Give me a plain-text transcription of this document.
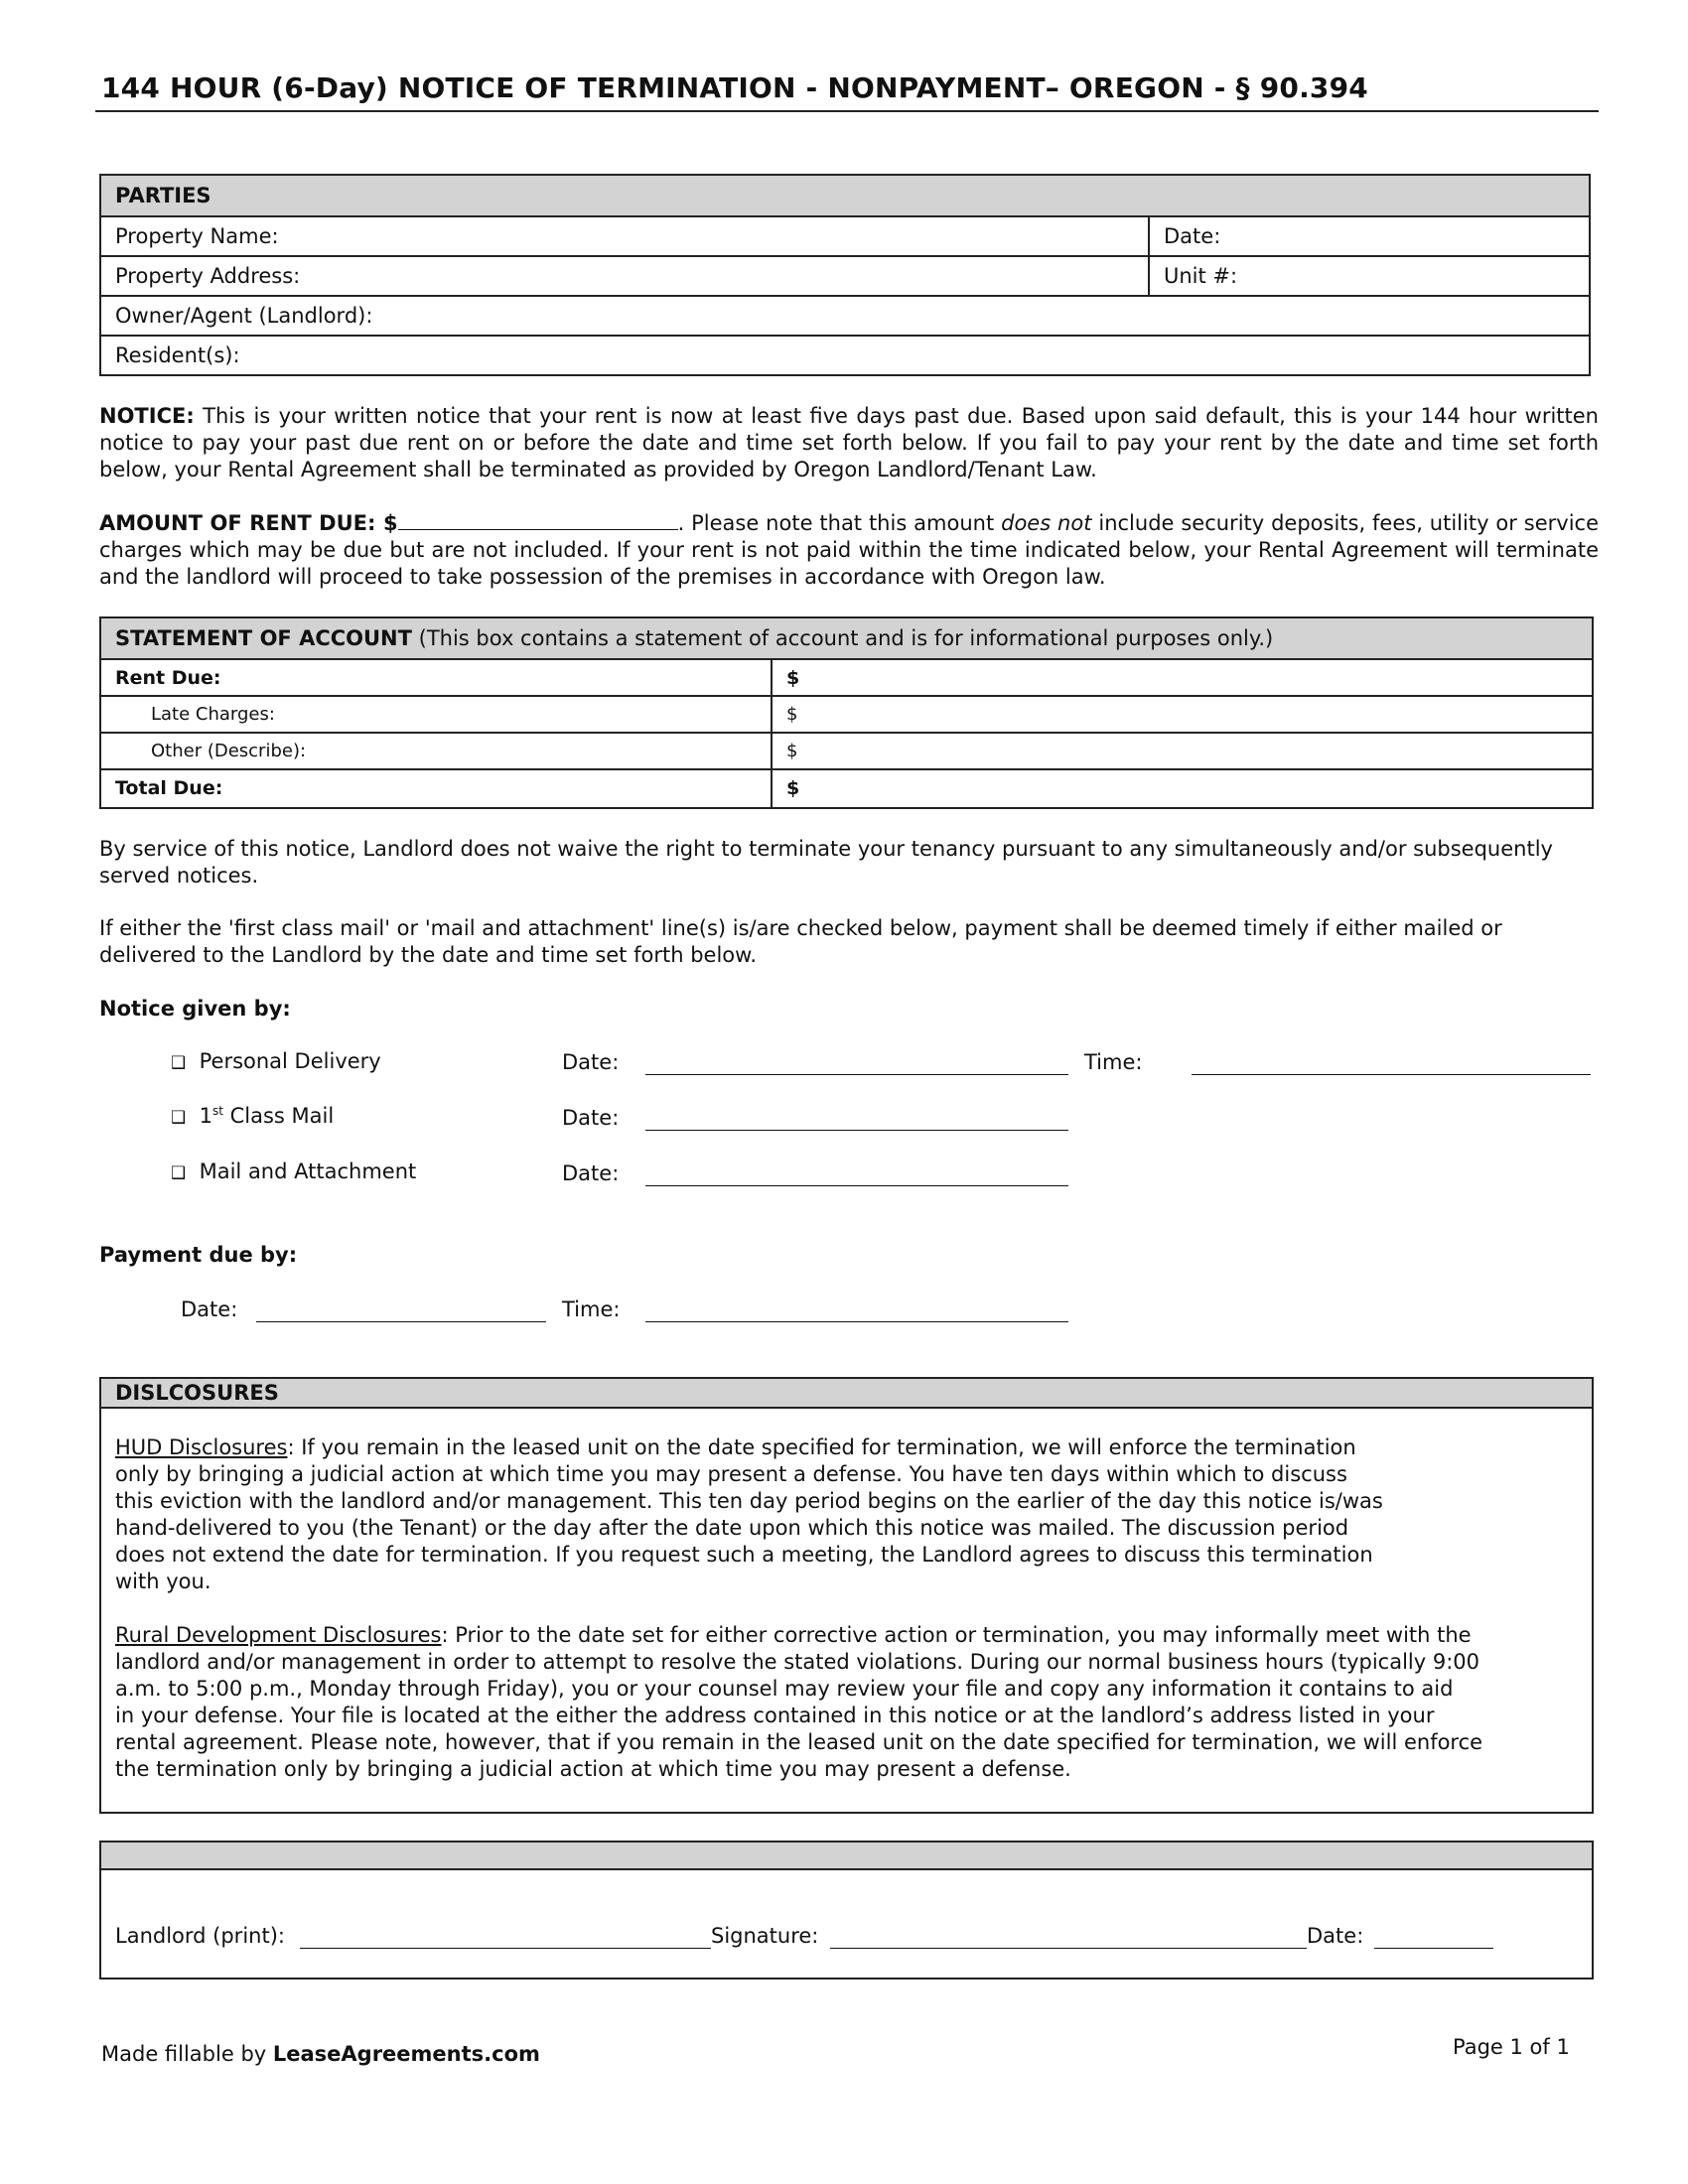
144 HOUR (6-Day) NOTICE OF TERMINATION - NONPAYMENT– OREGON - § 90.394
PARTIES
Property Name:	Date:
Property Address:	Unit #:
Owner/Agent (Landlord):
Resident(s):
NOTICE: This is your written notice that your rent is now at least five days past due. Based upon said default, this is your 144 hour written notice to pay your past due rent on or before the date and time set forth below. If you fail to pay your rent by the date and time set forth below, your Rental Agreement shall be terminated as provided by Oregon Landlord/Tenant Law.
AMOUNT OF RENT DUE: $	. Please note that this amount does not include security deposits, fees, utility or service charges which may be due but are not included. If your rent is not paid within the time indicated below, your Rental Agreement will terminate and the landlord will proceed to take possession of the premises in accordance with Oregon law.
STATEMENT OF ACCOUNT (This box contains a statement of account and is for informational purposes only.)
Rent Due:	$
Late Charges:	$
Other (Describe):	$
Total Due:	$
By service of this notice, Landlord does not waive the right to terminate your tenancy pursuant to any simultaneously and/or subsequently served notices.
If either the 'first class mail' or 'mail and attachment' line(s) is/are checked below, payment shall be deemed timely if either mailed or delivered to the Landlord by the date and time set forth below.
Notice given by:
❑ Personal Delivery	Date:	Time:
❑ 1st Class Mail	Date:
❑ Mail and Attachment	Date:
Payment due by:
Date:	Time:
DISLCOSURES
HUD Disclosures: If you remain in the leased unit on the date specified for termination, we will enforce the termination
only by bringing a judicial action at which time you may present a defense. You have ten days within which to discuss
this eviction with the landlord and/or management. This ten day period begins on the earlier of the day this notice is/was
hand-delivered to you (the Tenant) or the day after the date upon which this notice was mailed. The discussion period
does not extend the date for termination. If you request such a meeting, the Landlord agrees to discuss this termination
with you.
Rural Development Disclosures: Prior to the date set for either corrective action or termination, you may informally meet with the
landlord and/or management in order to attempt to resolve the stated violations. During our normal business hours (typically 9:00
a.m. to 5:00 p.m., Monday through Friday), you or your counsel may review your file and copy any information it contains to aid
in your defense. Your file is located at the either the address contained in this notice or at the landlord’s address listed in your
rental agreement. Please note, however, that if you remain in the leased unit on the date specified for termination, we will enforce
the termination only by bringing a judicial action at which time you may present a defense.
Landlord (print):	Signature:	Date:
Made fillable by LeaseAgreements.com	Page 1 of 1
